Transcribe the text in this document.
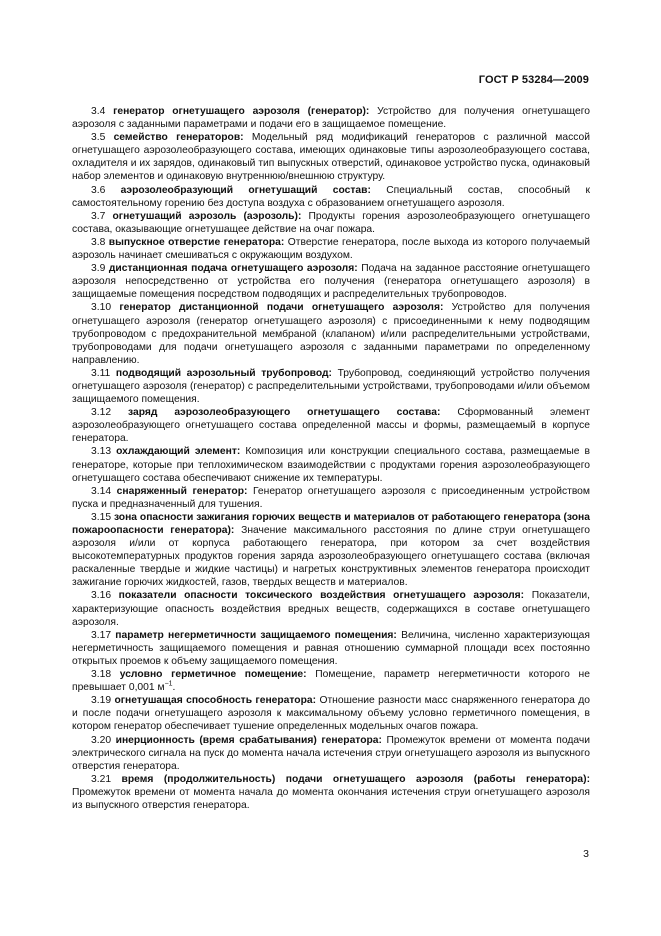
ГОСТ Р 53284—2009

3.4 генератор огнетушащего аэрозоля (генератор): Устройство для получения огнетушащего аэрозоля с заданными параметрами и подачи его в защищаемое помещение.

3.5 семейство генераторов: Модельный ряд модификаций генераторов с различной массой огнетушащего аэрозолеобразующего состава, имеющих одинаковые типы аэрозолеобразующего состава, охладителя и их зарядов, одинаковый тип выпускных отверстий, одинаковое устройство пуска, одинаковый набор элементов и одинаковую внутреннюю/внешнюю структуру.

3.6 аэрозолеобразующий огнетушащий состав: Специальный состав, способный к самостоятельному горению без доступа воздуха с образованием огнетушащего аэрозоля.

3.7 огнетушащий аэрозоль (аэрозоль): Продукты горения аэрозолеобразующего огнетушащего состава, оказывающие огнетушащее действие на очаг пожара.

3.8 выпускное отверстие генератора: Отверстие генератора, после выхода из которого получаемый аэрозоль начинает смешиваться с окружающим воздухом.

3.9 дистанционная подача огнетушащего аэрозоля: Подача на заданное расстояние огнетушащего аэрозоля непосредственно от устройства его получения (генератора огнетушащего аэрозоля) в защищаемые помещения посредством подводящих и распределительных трубопроводов.

3.10 генератор дистанционной подачи огнетушащего аэрозоля: Устройство для получения огнетушащего аэрозоля (генератор огнетушащего аэрозоля) с присоединенными к нему подводящим трубопроводом с предохранительной мембраной (клапаном) и/или распределительными устройствами, трубопроводами для подачи огнетушащего аэрозоля с заданными параметрами по определенному направлению.

3.11 подводящий аэрозольный трубопровод: Трубопровод, соединяющий устройство получения огнетушащего аэрозоля (генератор) с распределительными устройствами, трубопроводами и/или объемом защищаемого помещения.

3.12 заряд аэрозолеобразующего огнетушащего состава: Сформованный элемент аэрозолеобразующего огнетушащего состава определенной массы и формы, размещаемый в корпусе генератора.

3.13 охлаждающий элемент: Композиция или конструкции специального состава, размещаемые в генераторе, которые при теплохимическом взаимодействии с продуктами горения аэрозолеобразующего огнетушащего состава обеспечивают снижение их температуры.

3.14 снаряженный генератор: Генератор огнетушащего аэрозоля с присоединенным устройством пуска и предназначенный для тушения.

3.15 зона опасности зажигания горючих веществ и материалов от работающего генератора (зона пожароопасности генератора): Значение максимального расстояния по длине струи огнетушащего аэрозоля и/или от корпуса работающего генератора, при котором за счет воздействия высокотемпературных продуктов горения заряда аэрозолеобразующего огнетушащего состава (включая раскаленные твердые и жидкие частицы) и нагретых конструктивных элементов генератора происходит зажигание горючих жидкостей, газов, твердых веществ и материалов.

3.16 показатели опасности токсического воздействия огнетушащего аэрозоля: Показатели, характеризующие опасность воздействия вредных веществ, содержащихся в составе огнетушащего аэрозоля.

3.17 параметр негерметичности защищаемого помещения: Величина, численно характеризующая негерметичность защищаемого помещения и равная отношению суммарной площади всех постоянно открытых проемов к объему защищаемого помещения.

3.18 условно герметичное помещение: Помещение, параметр негерметичности которого не превышает 0,001 $м^{-1}$.

3.19 огнетушащая способность генератора: Отношение разности масс снаряженного генератора до и после подачи огнетушащего аэрозоля к максимальному объему условно герметичного помещения, в котором генератор обеспечивает тушение определенных модельных очагов пожара.

3.20 инерционность (время срабатывания) генератора: Промежуток времени от момента подачи электрического сигнала на пуск до момента начала истечения струи огнетушащего аэрозоля из выпускного отверстия генератора.

3.21 время (продолжительность) подачи огнетушащего аэрозоля (работы генератора): Промежуток времени от момента начала до момента окончания истечения струи огнетушащего аэрозоля из выпускного отверстия генератора.

3
